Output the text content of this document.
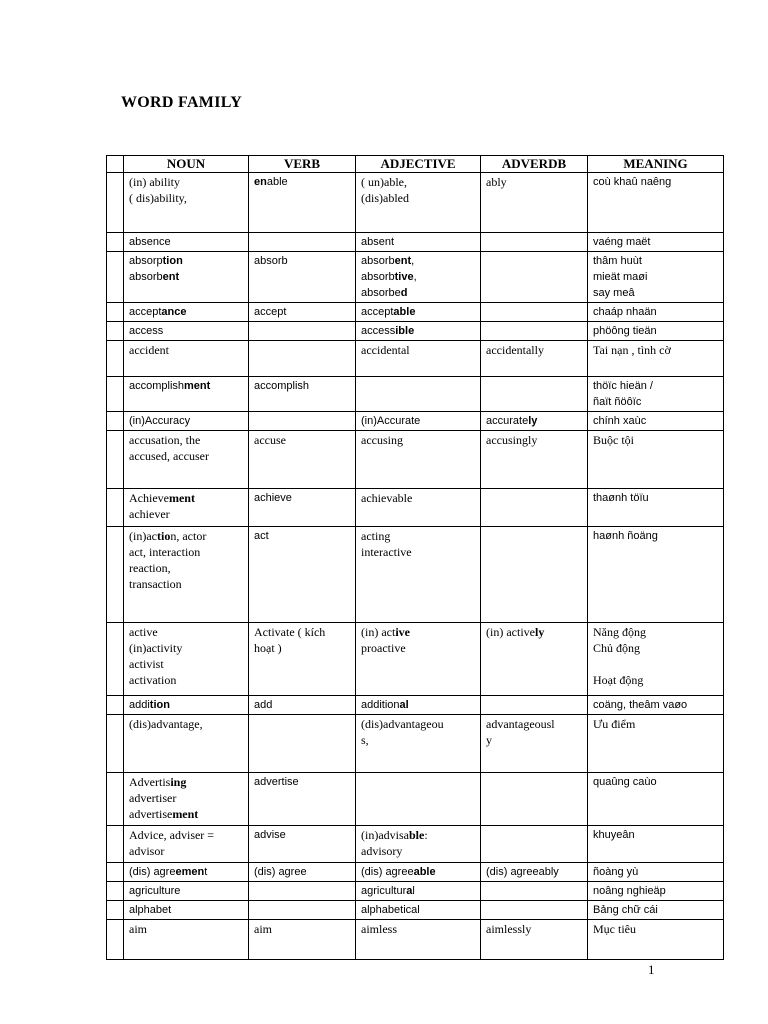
WORD FAMILY
	NOUN	VERB	ADJECTIVE	ADVERDB	MEANING

	(in) ability
( dis)ability,	enable	( un)able,
(dis)abled	ably	coù khaû naêng

	absence		absent		vaéng maët

	absorption
absorbent	absorb	absorbent,
absorbtive,
absorbed		thâm huùt
mieät maøi
say meâ

	acceptance	accept	acceptable		chaáp nhaän

	access		accessible		phöông tieän

	accident		accidental	accidentally	Tai nạn , tình cờ

	accomplishment	accomplish			thöïc hieän /
ñaït ñöôïc

	(in)Accuracy		(in)Accurate	accurately	chính xaùc

	accusation, the
accused, accuser	accuse	accusing	accusingly	Buộc tội

	Achievement
achiever	achieve	achievable		thaønh töïu

	(in)action, actor
act, interaction
reaction,
transaction	act	acting
interactive		haønh ñoäng

	active
(in)activity
activist
activation	Activate ( kích
hoạt )	(in) active
proactive	(in) actively	Năng động
Chủ động

Hoạt động

	addition	add	additional		coäng, theâm vaøo

	(dis)advantage,		(dis)advantageou
s,	advantageousl
y	Ưu điểm

	Advertising
advertiser
advertisement	advertise			quaûng caùo

	Advice, adviser =
advisor	advise	(in)advisable:
advisory		khuyeân

	(dis) agreement	(dis) agree	(dis) agreeable	(dis) agreeably	ñoàng yù

	agriculture		agricultural		noâng nghieäp

	alphabet		alphabetical		Bảng chữ cái

	aim	aim	aimless	aimlessly	Mục tiêu
1
